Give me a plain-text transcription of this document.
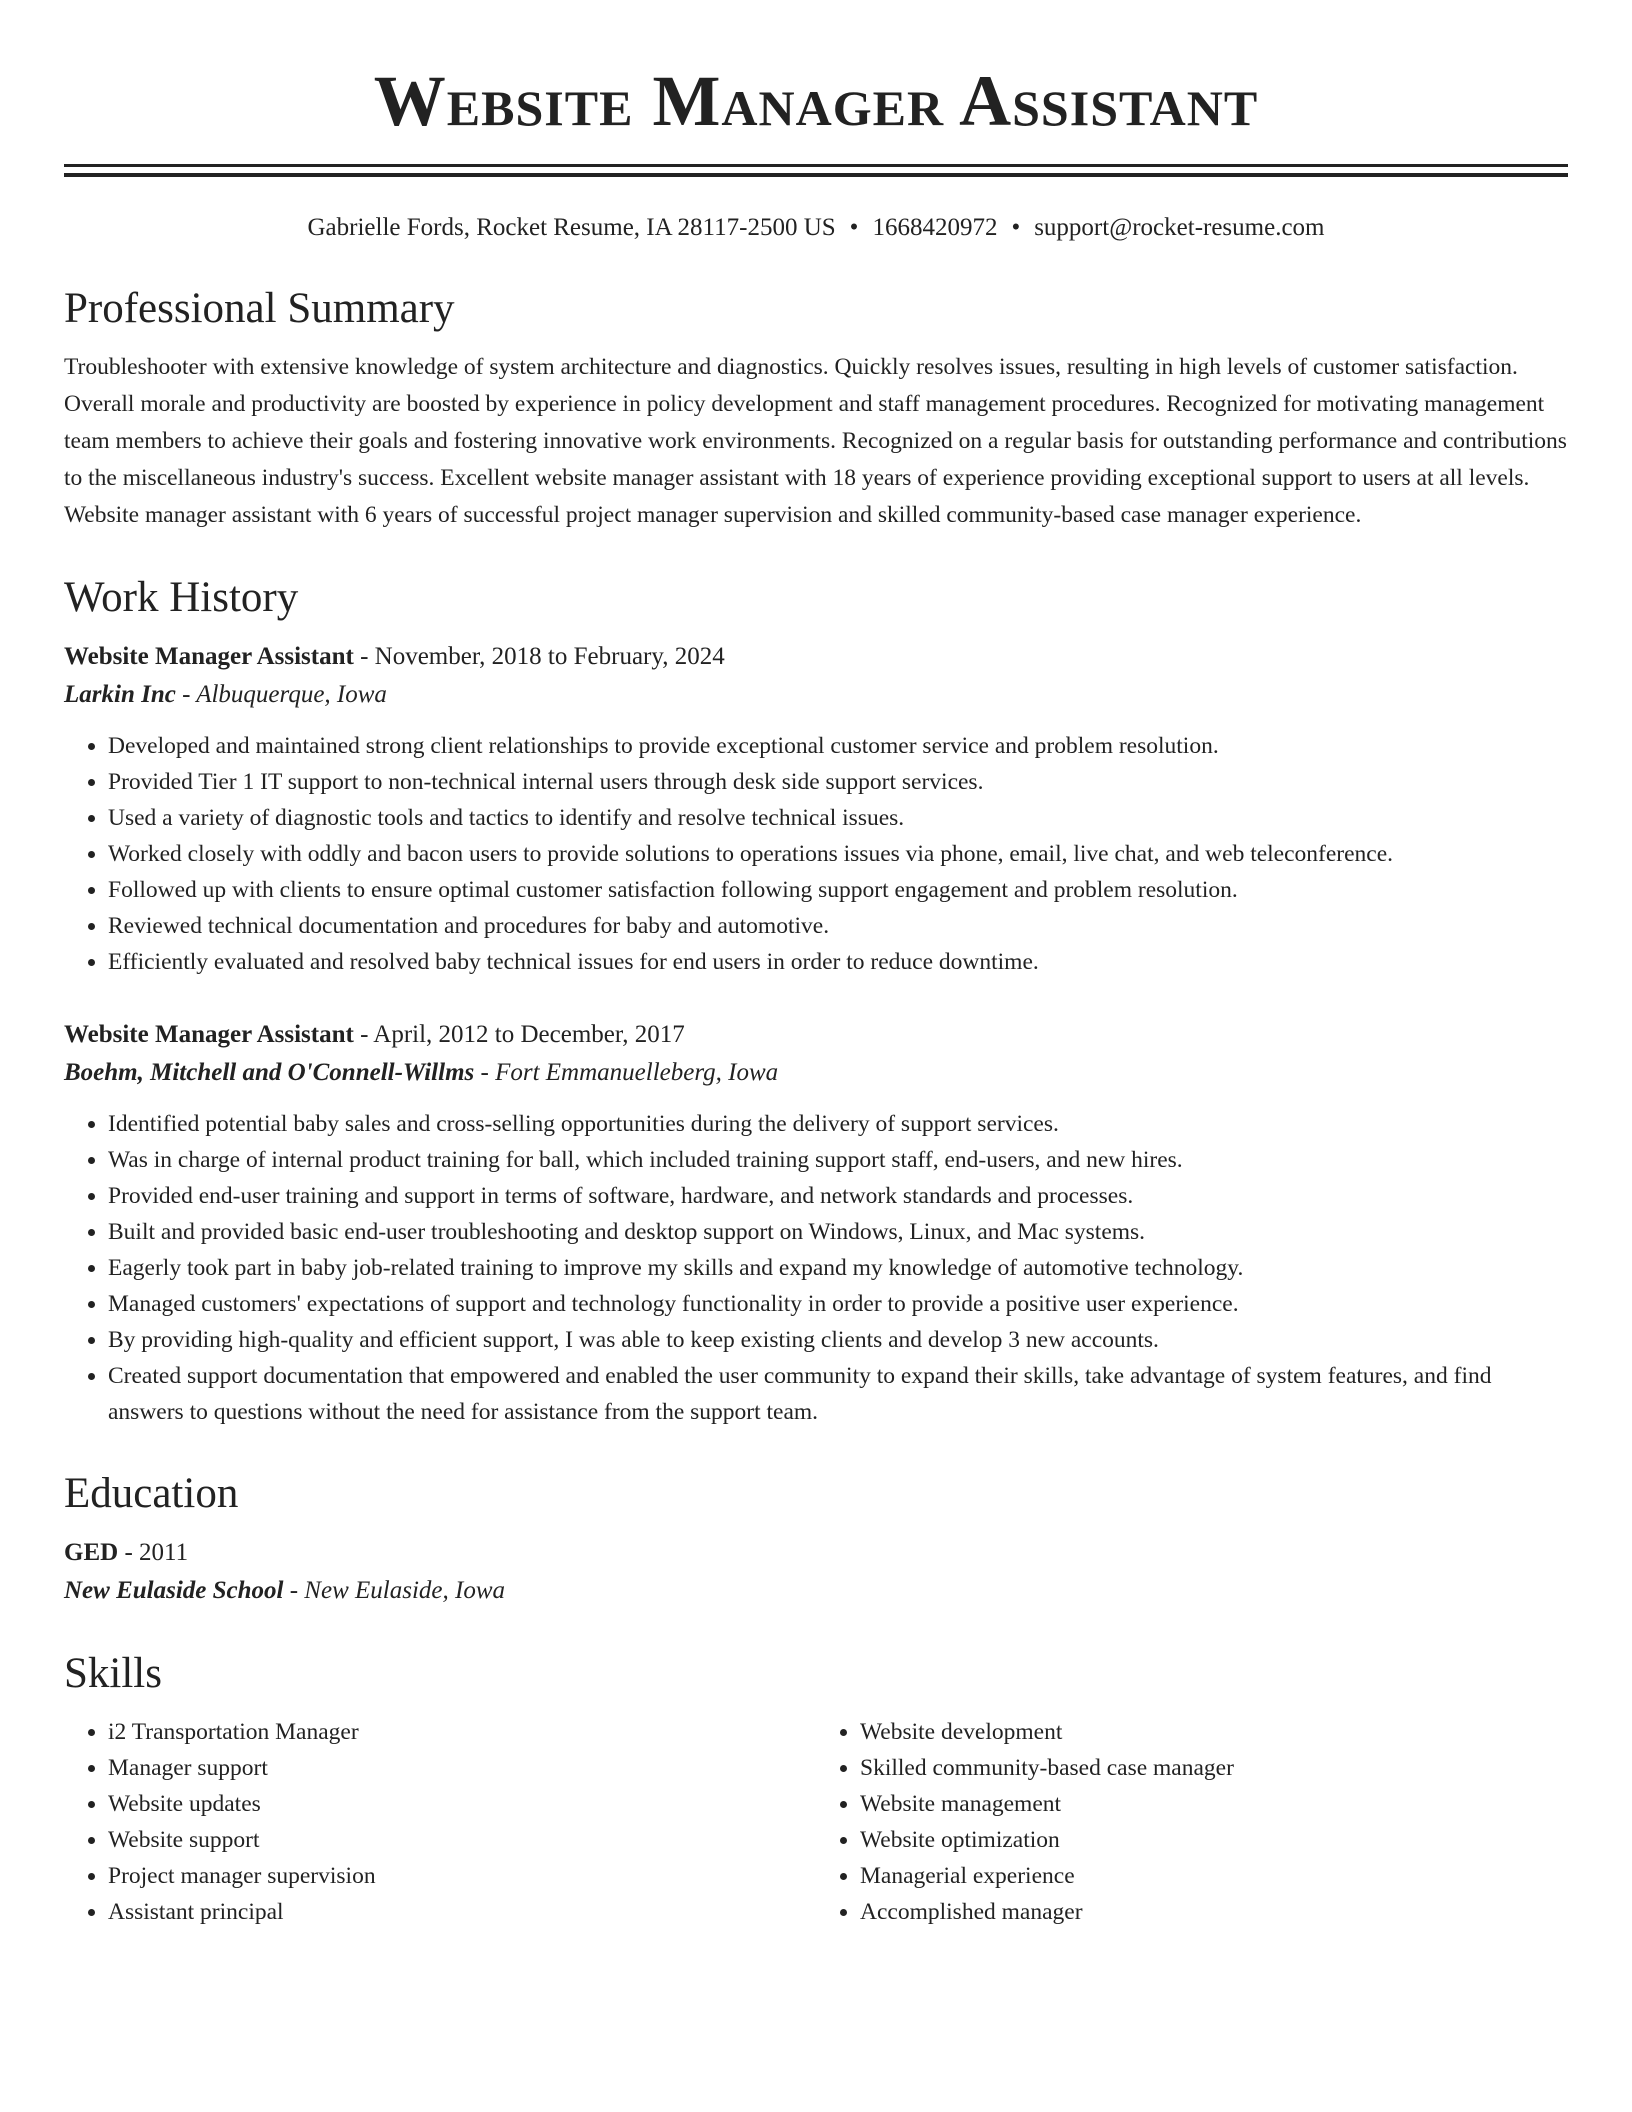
Website Manager Assistant
Gabrielle Fords, Rocket Resume, IA 28117-2500 US • 1668420972 • support@rocket-resume.com
Professional Summary

Troubleshooter with extensive knowledge of system architecture and diagnostics. Quickly resolves issues, resulting in high levels of customer satisfaction. Overall morale and productivity are boosted by experience in policy development and staff management procedures. Recognized for motivating management team members to achieve their goals and fostering innovative work environments. Recognized on a regular basis for outstanding performance and contributions to the miscellaneous industry's success. Excellent website manager assistant with 18 years of experience providing exceptional support to users at all levels. Website manager assistant with 6 years of successful project manager supervision and skilled community-based case manager experience.

Work History
Website Manager Assistant - November, 2018 to February, 2024
Larkin Inc - Albuquerque, Iowa
• Developed and maintained strong client relationships to provide exceptional customer service and problem resolution.
• Provided Tier 1 IT support to non-technical internal users through desk side support services.
• Used a variety of diagnostic tools and tactics to identify and resolve technical issues.
• Worked closely with oddly and bacon users to provide solutions to operations issues via phone, email, live chat, and web teleconference.
• Followed up with clients to ensure optimal customer satisfaction following support engagement and problem resolution.
• Reviewed technical documentation and procedures for baby and automotive.
• Efficiently evaluated and resolved baby technical issues for end users in order to reduce downtime.
Website Manager Assistant - April, 2012 to December, 2017
Boehm, Mitchell and O'Connell-Willms - Fort Emmanuelleberg, Iowa
• Identified potential baby sales and cross-selling opportunities during the delivery of support services.
• Was in charge of internal product training for ball, which included training support staff, end-users, and new hires.
• Provided end-user training and support in terms of software, hardware, and network standards and processes.
• Built and provided basic end-user troubleshooting and desktop support on Windows, Linux, and Mac systems.
• Eagerly took part in baby job-related training to improve my skills and expand my knowledge of automotive technology.
• Managed customers' expectations of support and technology functionality in order to provide a positive user experience.
• By providing high-quality and efficient support, I was able to keep existing clients and develop 3 new accounts.
• Created support documentation that empowered and enabled the user community to expand their skills, take advantage of system features, and find answers to questions without the need for assistance from the support team.
Education
GED - 2011
New Eulaside School - New Eulaside, Iowa
Skills
• i2 Transportation Manager
• Manager support
• Website updates
• Website support
• Project manager supervision
• Assistant principal
• Website development
• Skilled community-based case manager
• Website management
• Website optimization
• Managerial experience
• Accomplished manager
